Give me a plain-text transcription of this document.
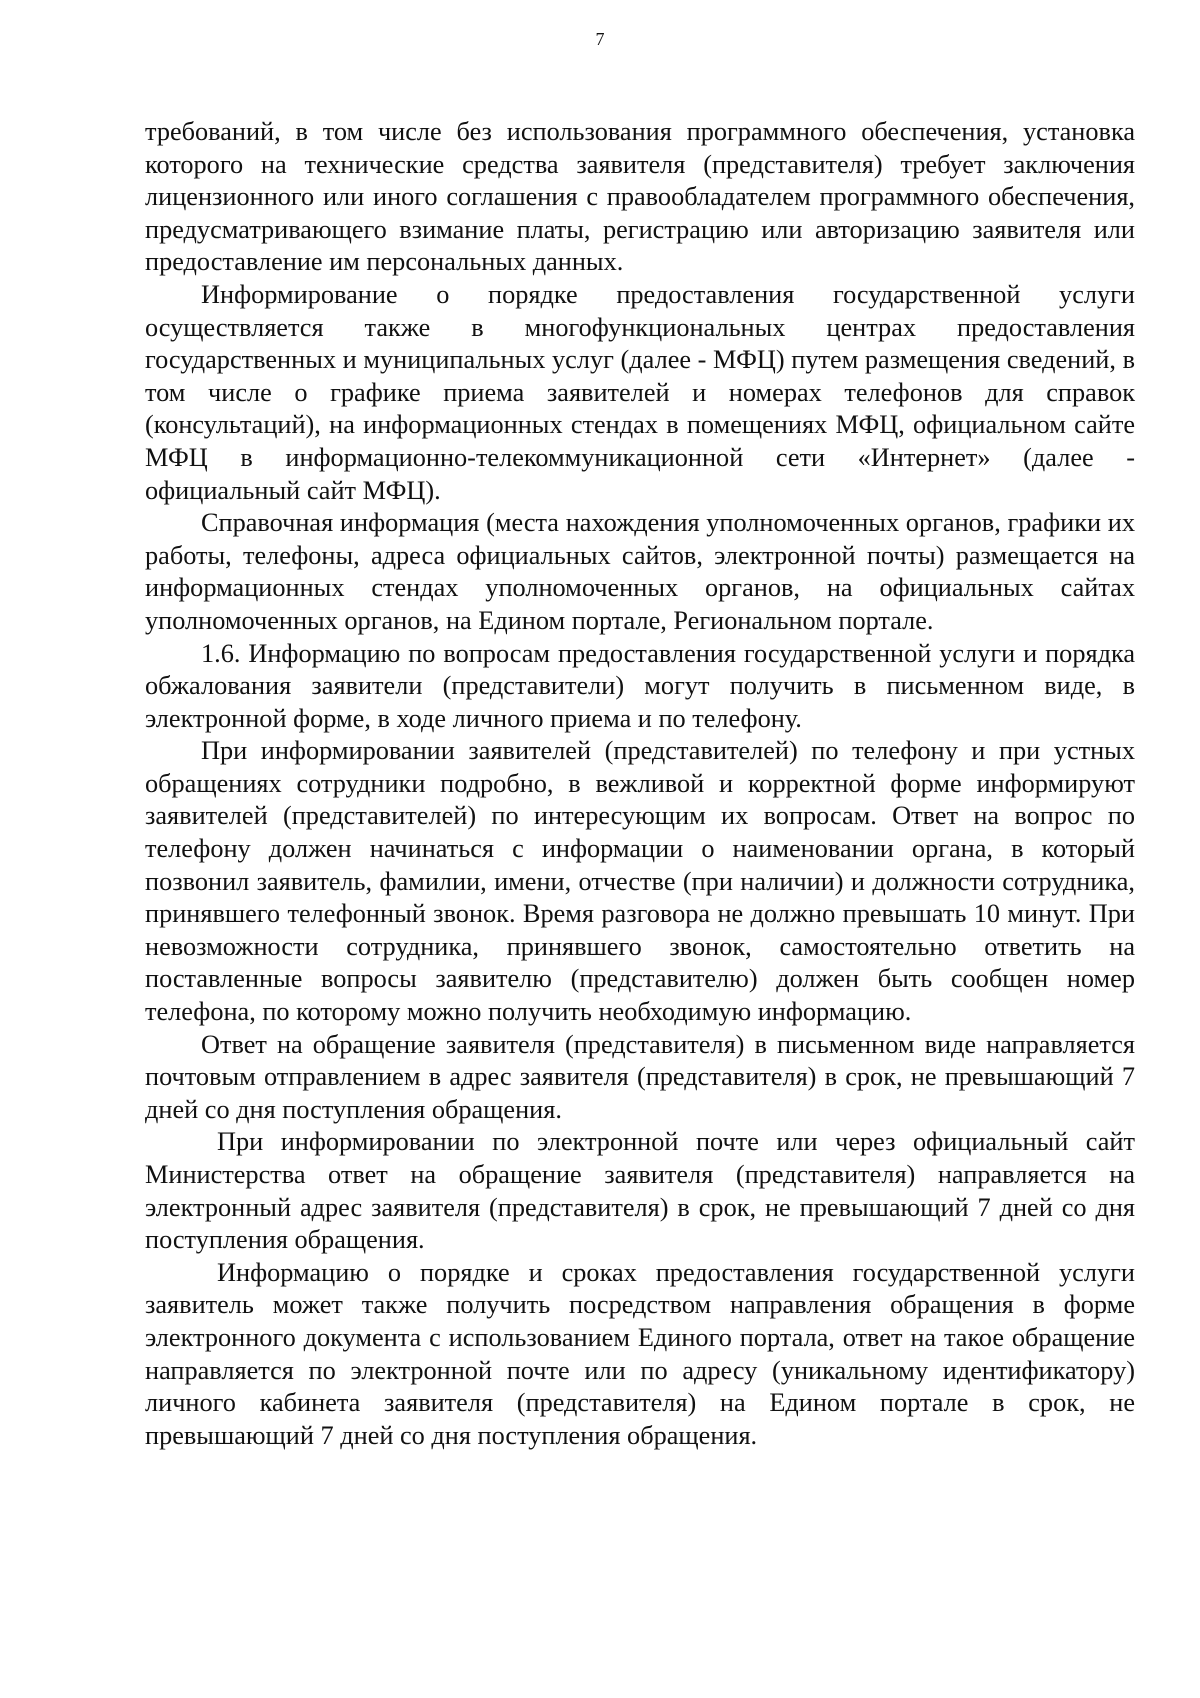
7

требований, в том числе без использования программного обеспечения, установка которого на технические средства заявителя (представителя) требует заключения лицензионного или иного соглашения с правообладателем программного обеспечения, предусматривающего взимание платы, регистрацию или авторизацию заявителя или предоставление им персональных данных.

Информирование о порядке предоставления государственной услуги осуществляется также в многофункциональных центрах предоставления государственных и муниципальных услуг (далее - МФЦ) путем размещения сведений, в том числе о графике приема заявителей и номерах телефонов для справок (консультаций), на информационных стендах в помещениях МФЦ, официальном сайте МФЦ в информационно-телекоммуникационной сети «Интернет» (далее - официальный сайт МФЦ).

Справочная информация (места нахождения уполномоченных органов, графики их работы, телефоны, адреса официальных сайтов, электронной почты) размещается на информационных стендах уполномоченных органов, на официальных сайтах уполномоченных органов, на Едином портале, Региональном портале.

1.6. Информацию по вопросам предоставления государственной услуги и порядка обжалования заявители (представители) могут получить в письменном виде, в электронной форме, в ходе личного приема и по телефону.

При информировании заявителей (представителей) по телефону и при устных обращениях сотрудники подробно, в вежливой и корректной форме информируют заявителей (представителей) по интересующим их вопросам. Ответ на вопрос по телефону должен начинаться с информации о наименовании органа, в который позвонил заявитель, фамилии, имени, отчестве (при наличии) и должности сотрудника, принявшего телефонный звонок. Время разговора не должно превышать 10 минут. При невозможности сотрудника, принявшего звонок, самостоятельно ответить на поставленные вопросы заявителю (представителю) должен быть сообщен номер телефона, по которому можно получить необходимую информацию.

Ответ на обращение заявителя (представителя) в письменном виде направляется почтовым отправлением в адрес заявителя (представителя) в срок, не превышающий 7 дней со дня поступления обращения.

При информировании по электронной почте или через официальный сайт Министерства ответ на обращение заявителя (представителя) направляется на электронный адрес заявителя (представителя) в срок, не превышающий 7 дней со дня поступления обращения.

Информацию о порядке и сроках предоставления государственной услуги заявитель может также получить посредством направления обращения в форме электронного документа с использованием Единого портала, ответ на такое обращение направляется по электронной почте или по адресу (уникальному идентификатору) личного кабинета заявителя (представителя) на Едином портале в срок, не превышающий 7 дней со дня поступления обращения.
